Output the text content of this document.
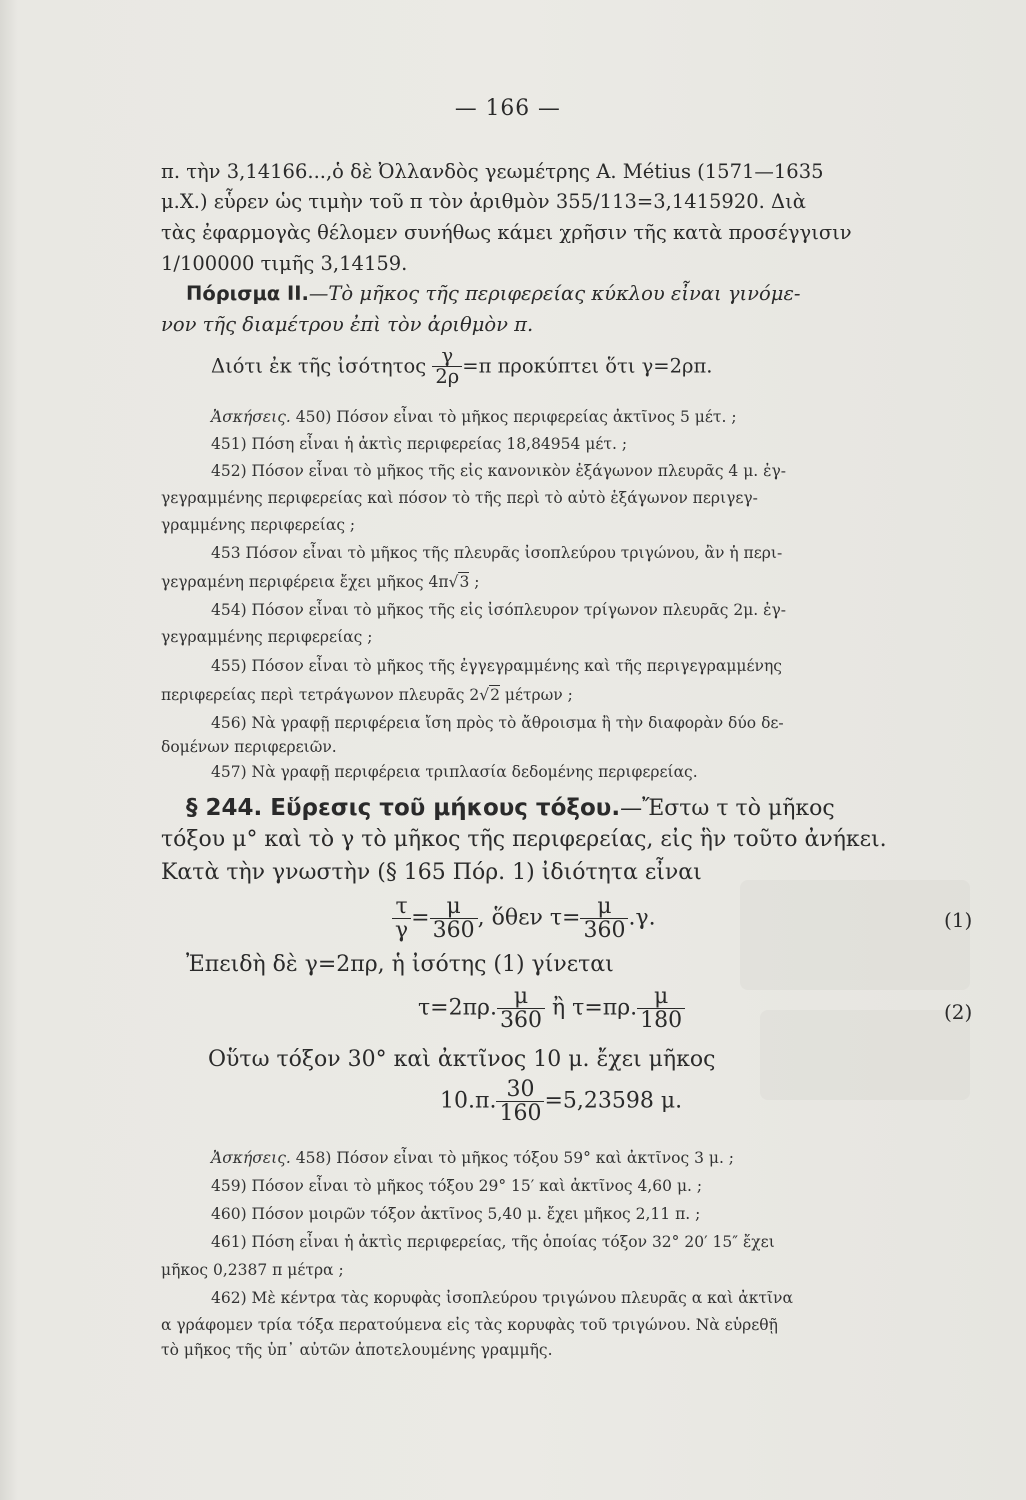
— 166 —
π. τὴν 3,14166...,ὁ δὲ Ὀλλανδὸς γεωμέτρης Α. Métius (1571—1635
μ.Χ.) εὗρεν ὡς τιμὴν τοῦ π τὸν ἀριθμὸν 355/113=3,1415920. Διὰ
τὰς ἐφαρμογὰς θέλομεν συνήθως κάμει χρῆσιν τῆς κατὰ προσέγγισιν
1/100000 τιμῆς 3,14159.
Πόρισμα ΙΙ.—Τὸ μῆκος τῆς περιφερείας κύκλου εἶναι γινόμε-
νον τῆς διαμέτρου ἐπὶ τὸν ἀριθμὸν π.
Διότι ἐκ τῆς ἰσότητος $\frac{\gamma}{2\rho} =\pi$ προκύπτει ὅτι γ=2ρπ.
Ἀσκήσεις. 450) Πόσον εἶναι τὸ μῆκος περιφερείας ἀκτῖνος 5 μέτ. ;
451) Πόση εἶναι ἡ ἀκτὶς περιφερείας 18,84954 μέτ. ;
452) Πόσον εἶναι τὸ μῆκος τῆς εἰς κανονικὸν ἑξάγωνον πλευρᾶς 4 μ. ἐγ-
γεγραμμένης περιφερείας καὶ πόσον τὸ τῆς περὶ τὸ αὐτὸ ἑξάγωνον περιγεγ-
γραμμένης περιφερείας ;
453 Πόσον εἶναι τὸ μῆκος τῆς πλευρᾶς ἰσοπλεύρου τριγώνου, ἂν ἡ περι-
γεγραμένη περιφέρεια ἔχει μῆκος 4π√3 ;
454) Πόσον εἶναι τὸ μῆκος τῆς εἰς ἰσόπλευρον τρίγωνον πλευρᾶς 2μ. ἐγ-
γεγραμμένης περιφερείας ;
455) Πόσον εἶναι τὸ μῆκος τῆς ἐγγεγραμμένης καὶ τῆς περιγεγραμμένης
περιφερείας περὶ τετράγωνον πλευρᾶς 2√2 μέτρων ;
456) Νὰ γραφῇ περιφέρεια ἴση πρὸς τὸ ἄθροισμα ἢ τὴν διαφορὰν δύο δε-
δομένων περιφερειῶν.
457) Νὰ γραφῇ περιφέρεια τριπλασία δεδομένης περιφερείας.
§ 244. Εὕρεσις τοῦ μήκους τόξου.—Ἔστω τ τὸ μῆκος
τόξου μ° καὶ τὸ γ τὸ μῆκος τῆς περιφερείας, εἰς ἣν τοῦτο ἀνήκει.
Κατὰ τὴν γνωστὴν (§ 165 Πόρ. 1) ἰδιότητα εἶναι
$\frac{\tau}{\gamma} = \frac{\mu}{360}$ , ὅθεν $\tau= \frac{\mu}{360} .\gamma$.	(1)
Ἐπειδὴ δὲ γ=2πρ, ἡ ἰσότης (1) γίνεται
τ=2πρ. $\frac{\mu}{360}$ ἢ τ=πρ. $\frac{\mu}{180}$	(2)
Οὕτω τόξον 30° καὶ ἀκτῖνος 10 μ. ἔχει μῆκος
10.π. $\frac{30}{160} =5,23598$ μ.
Ἀσκήσεις. 458) Πόσον εἶναι τὸ μῆκος τόξου 59° καὶ ἀκτῖνος 3 μ. ;
459) Πόσον εἶναι τὸ μῆκος τόξου 29° 15′ καὶ ἀκτῖνος 4,60 μ. ;
460) Πόσον μοιρῶν τόξον ἀκτῖνος 5,40 μ. ἔχει μῆκος 2,11 π. ;
461) Πόση εἶναι ἡ ἀκτὶς περιφερείας, τῆς ὁποίας τόξον 32° 20′ 15″ ἔχει
μῆκος 0,2387 π μέτρα ;
462) Μὲ κέντρα τὰς κορυφὰς ἰσοπλεύρου τριγώνου πλευρᾶς α καὶ ἀκτῖνα
α γράφομεν τρία τόξα περατούμενα εἰς τὰς κορυφὰς τοῦ τριγώνου. Νὰ εὑρεθῇ
τὸ μῆκος τῆς ὑπ᾽ αὐτῶν ἀποτελουμένης γραμμῆς.
